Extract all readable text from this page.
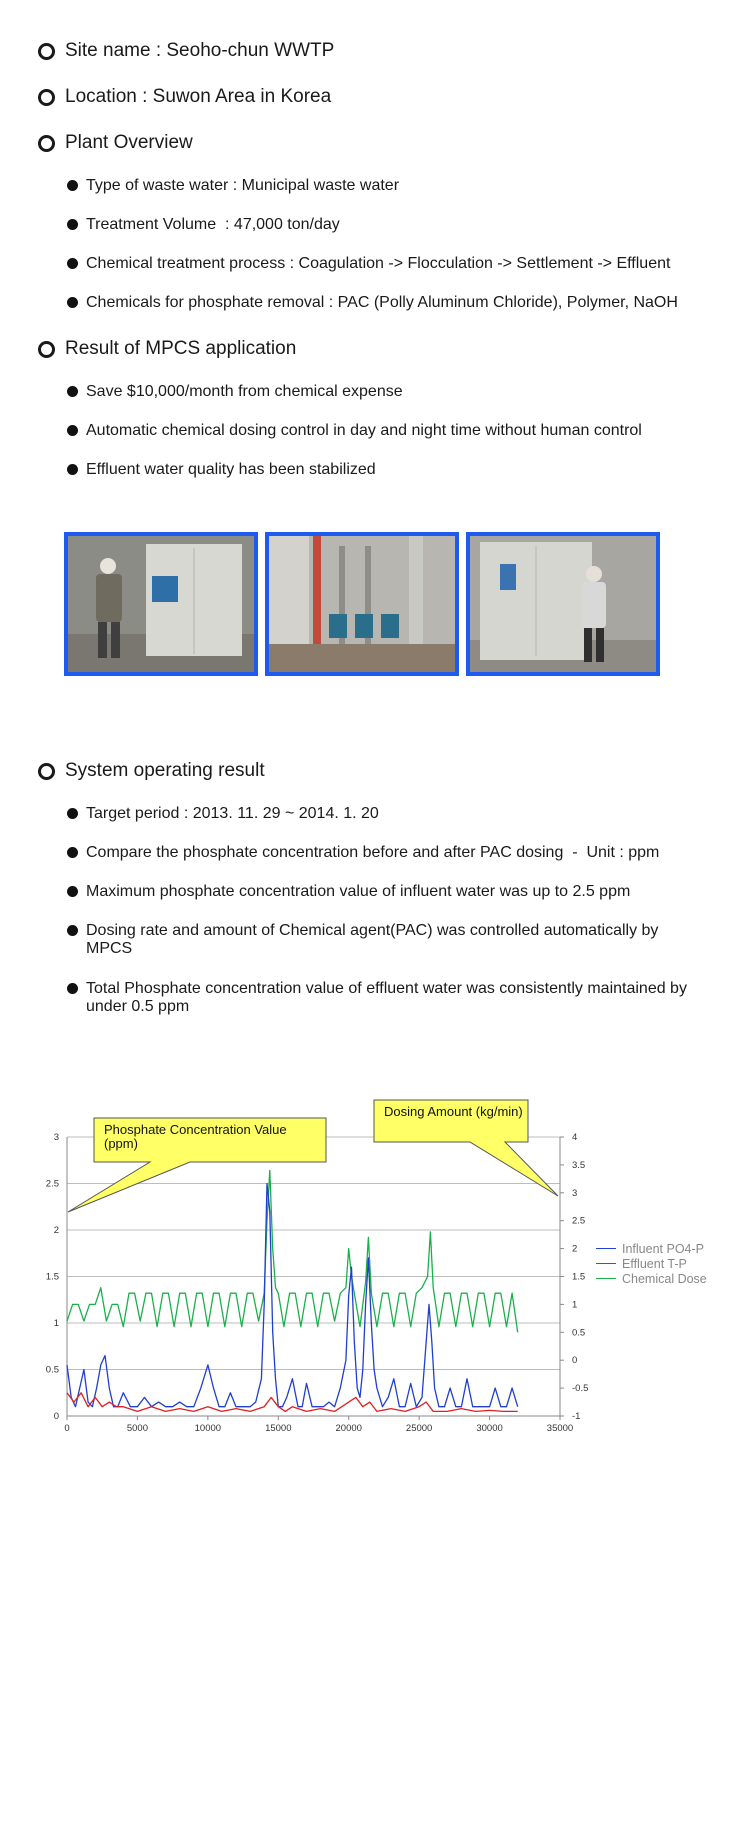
Site name : Seoho-chun WWTP
Location : Suwon Area in Korea
Plant Overview
Type of waste water : Municipal waste water
Treatment Volume  : 47,000 ton/day
Chemical treatment process : Coagulation -> Flocculation -> Settlement -> Effluent
Chemicals for phosphate removal : PAC (Polly Aluminum Chloride), Polymer, NaOH
Result of MPCS application
Save $10,000/month from chemical expense
Automatic chemical dosing control in day and night time without human control
Effluent water quality has been stabilized
System operating result
Target period : 2013. 11. 29 ~ 2014. 1. 20
Compare the phosphate concentration before and after PAC dosing  -  Unit : ppm
Maximum phosphate concentration value of influent water was up to 2.5 ppm
Dosing rate and amount of Chemical agent(PAC) was controlled automatically by MPCS
Total Phosphate concentration value of effluent water was consistently maintained by under 0.5 ppm
0
0.5
1
1.5
2
2.5
3
-1
-0.5
0
0.5
1
1.5
2
2.5
3
3.5
4
0	5000	10000	15000	20000	25000	30000	35000
Phosphate Concentration Value (ppm)
Dosing Amount (kg/min)
Influent PO4-P
Effluent T-P
Chemical Dose
